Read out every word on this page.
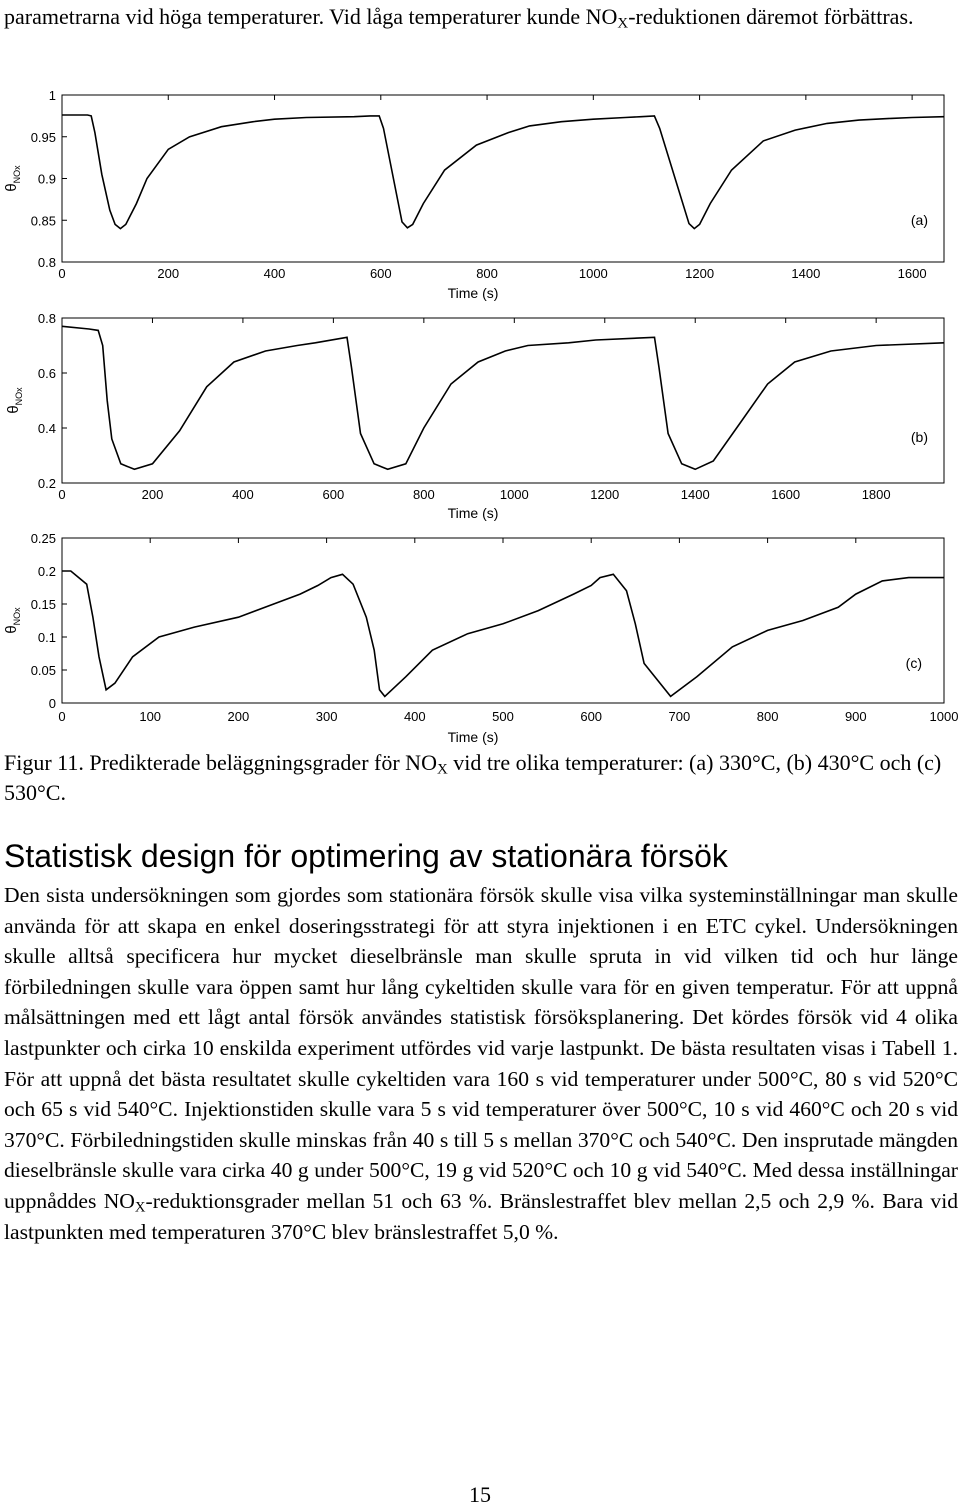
parametrarna vid höga temperaturer. Vid låga temperaturer kunde $NO_X$-reduktionen däremot förbättras.
1
0.95
0.9
0.85
0.8
0	200	400	600	800	1000	1200	1400	1600
(a)
Time (s)
$\theta_{NOx}$
0.8
0.6
0.4
0.2
0	200	400	600	800	1000	1200	1400	1600	1800
(b)
Time (s)
$\theta_{NOx}$
0.25
0.2
0.15
0.1
0.05
0
0	100	200	300	400	500	600	700	800	900	1000
(c)
Time (s)
$\theta_{NOx}$
Figur 11. Predikterade beläggningsgrader för $NO_X$ vid tre olika temperaturer: (a) 330°C, (b) 430°C och (c) 530°C.
Statistisk design för optimering av stationära försök
Den sista undersökningen som gjordes som stationära försök skulle visa vilka systeminställningar man skulle använda för att skapa en enkel doseringsstrategi för att styra injektionen i en ETC cykel. Undersökningen skulle alltså specificera hur mycket dieselbränsle man skulle spruta in vid vilken tid och hur länge förbiledningen skulle vara öppen samt hur lång cykeltiden skulle vara för en given temperatur. För att uppnå målsättningen med ett lågt antal försök användes statistisk försöksplanering. Det kördes försök vid 4 olika lastpunkter och cirka 10 enskilda experiment utfördes vid varje lastpunkt. De bästa resultaten visas i Tabell 1. För att uppnå det bästa resultatet skulle cykeltiden vara 160 s vid temperaturer under 500°C, 80 s vid 520°C och 65 s vid 540°C. Injektionstiden skulle vara 5 s vid temperaturer över 500°C, 10 s vid 460°C och 20 s vid 370°C. Förbiledningstiden skulle minskas från 40 s till 5 s mellan 370°C och 540°C. Den insprutade mängden dieselbränsle skulle vara cirka 40 g under 500°C, 19 g vid 520°C och 10 g vid 540°C. Med dessa inställningar uppnåddes $NO_X$-reduktionsgrader mellan 51 och 63 %. Bränslestraffet blev mellan 2,5 och 2,9 %. Bara vid lastpunkten med temperaturen 370°C blev bränslestraffet 5,0 %.
15
